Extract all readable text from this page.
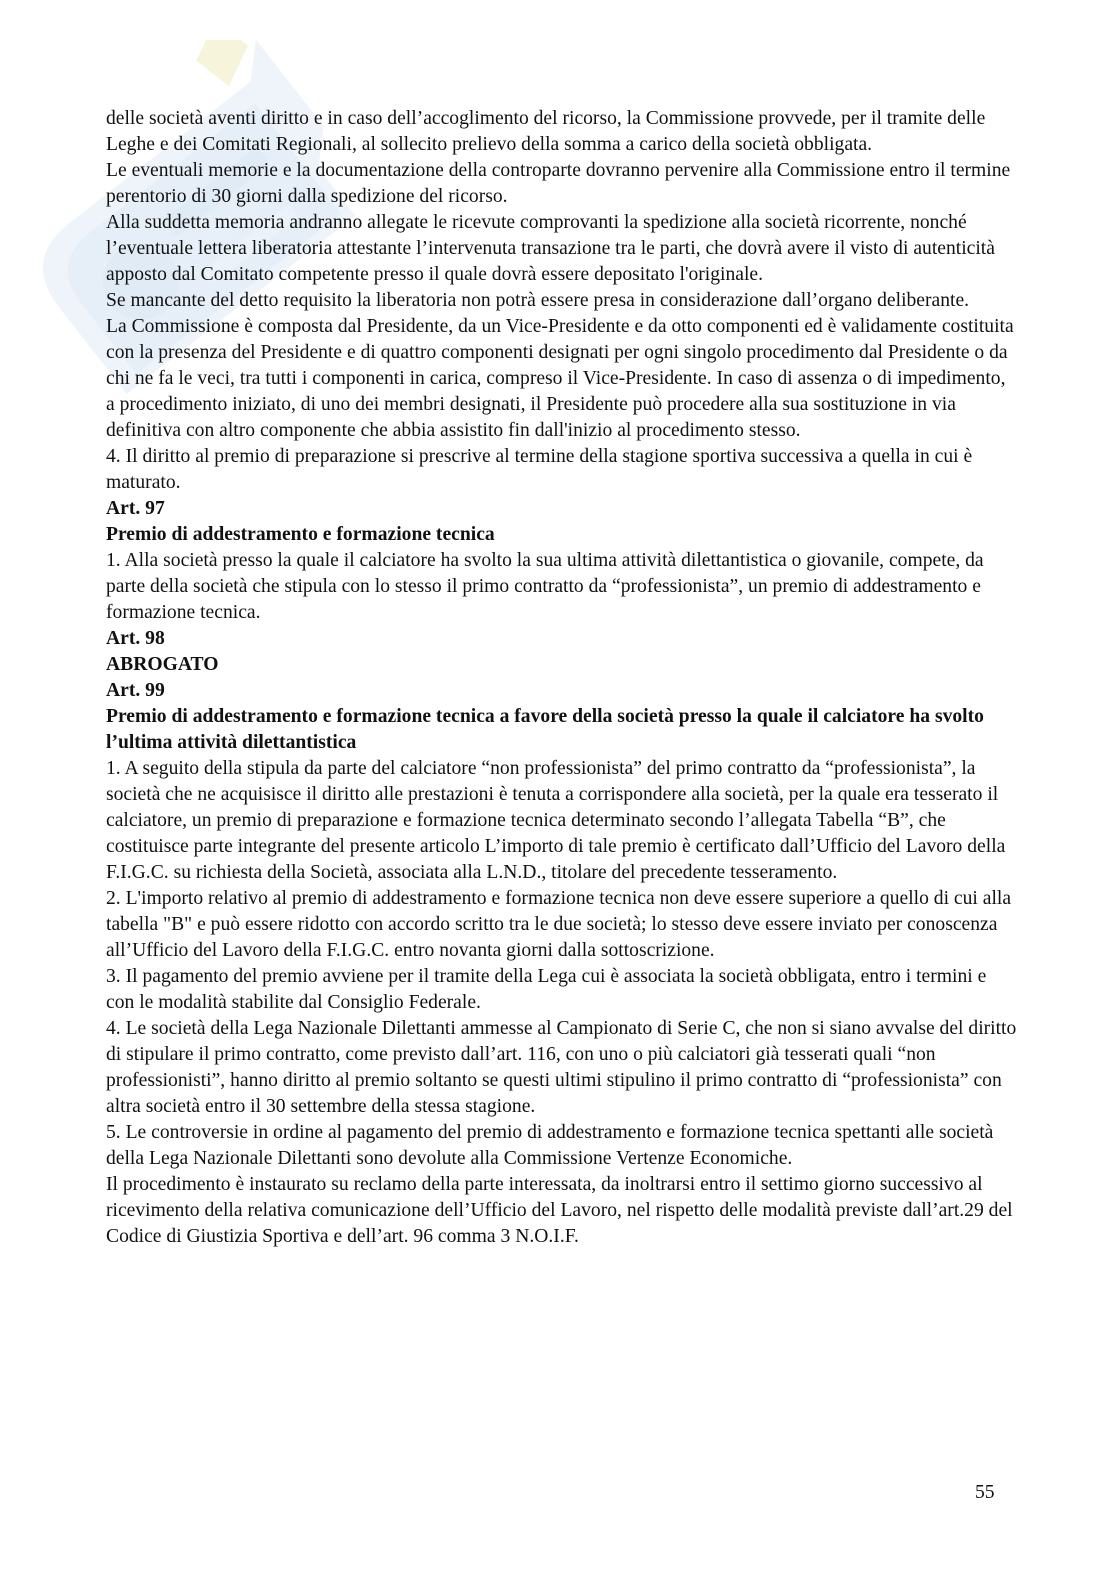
delle società aventi diritto e in caso dell’accoglimento del ricorso, la Commissione provvede, per il tramite delle Leghe e dei Comitati Regionali, al sollecito prelievo della somma a carico della società obbligata.

Le eventuali memorie e la documentazione della controparte dovranno pervenire alla Commissione entro il termine perentorio di 30 giorni dalla spedizione del ricorso.

Alla suddetta memoria andranno allegate le ricevute comprovanti la spedizione alla società ricorrente, nonché l’eventuale lettera liberatoria attestante l’intervenuta transazione tra le parti, che dovrà avere il visto di autenticità apposto dal Comitato competente presso il quale dovrà essere depositato l'originale.

Se mancante del detto requisito la liberatoria non potrà essere presa in considerazione dall’organo deliberante.

La Commissione è composta dal Presidente, da un Vice-Presidente e da otto componenti ed è validamente costituita con la presenza del Presidente e di quattro componenti designati per ogni singolo procedimento dal Presidente o da chi ne fa le veci, tra tutti i componenti in carica, compreso il Vice-Presidente. In caso di assenza o di impedimento, a procedimento iniziato, di uno dei membri designati, il Presidente può procedere alla sua sostituzione in via definitiva con altro componente che abbia assistito fin dall'inizio al procedimento stesso.

4. Il diritto al premio di preparazione si prescrive al termine della stagione sportiva successiva a quella in cui è maturato.

Art. 97

Premio di addestramento e formazione tecnica

1. Alla società presso la quale il calciatore ha svolto la sua ultima attività dilettantistica o giovanile, compete, da parte della società che stipula con lo stesso il primo contratto da “professionista”, un premio di addestramento e formazione tecnica.

Art. 98

ABROGATO

Art. 99

Premio di addestramento e formazione tecnica a favore della società presso la quale il calciatore ha svolto l’ultima attività dilettantistica

1. A seguito della stipula da parte del calciatore “non professionista” del primo contratto da “professionista”, la società che ne acquisisce il diritto alle prestazioni è tenuta a corrispondere alla società, per la quale era tesserato il calciatore, un premio di preparazione e formazione tecnica determinato secondo l’allegata Tabella “B”, che costituisce parte integrante del presente articolo L’importo di tale premio è certificato dall’Ufficio del Lavoro della F.I.G.C. su richiesta della Società, associata alla L.N.D., titolare del precedente tesseramento.

2. L'importo relativo al premio di addestramento e formazione tecnica non deve essere superiore a quello di cui alla tabella "B" e può essere ridotto con accordo scritto tra le due società; lo stesso deve essere inviato per conoscenza all’Ufficio del Lavoro della F.I.G.C. entro novanta giorni dalla sottoscrizione.

3. Il pagamento del premio avviene per il tramite della Lega cui è associata la società obbligata, entro i termini e con le modalità stabilite dal Consiglio Federale.

4. Le società della Lega Nazionale Dilettanti ammesse al Campionato di Serie C, che non si siano avvalse del diritto di stipulare il primo contratto, come previsto dall’art. 116, con uno o più calciatori già tesserati quali “non professionisti”, hanno diritto al premio soltanto se questi ultimi stipulino il primo contratto di “professionista” con altra società entro il 30 settembre della stessa stagione.

5. Le controversie in ordine al pagamento del premio di addestramento e formazione tecnica spettanti alle società della Lega Nazionale Dilettanti sono devolute alla Commissione Vertenze Economiche.

Il procedimento è instaurato su reclamo della parte interessata, da inoltrarsi entro il settimo giorno successivo al ricevimento della relativa comunicazione dell’Ufficio del Lavoro, nel rispetto delle modalità previste dall’art.29 del Codice di Giustizia Sportiva e dell’art. 96 comma 3 N.O.I.F.

55
